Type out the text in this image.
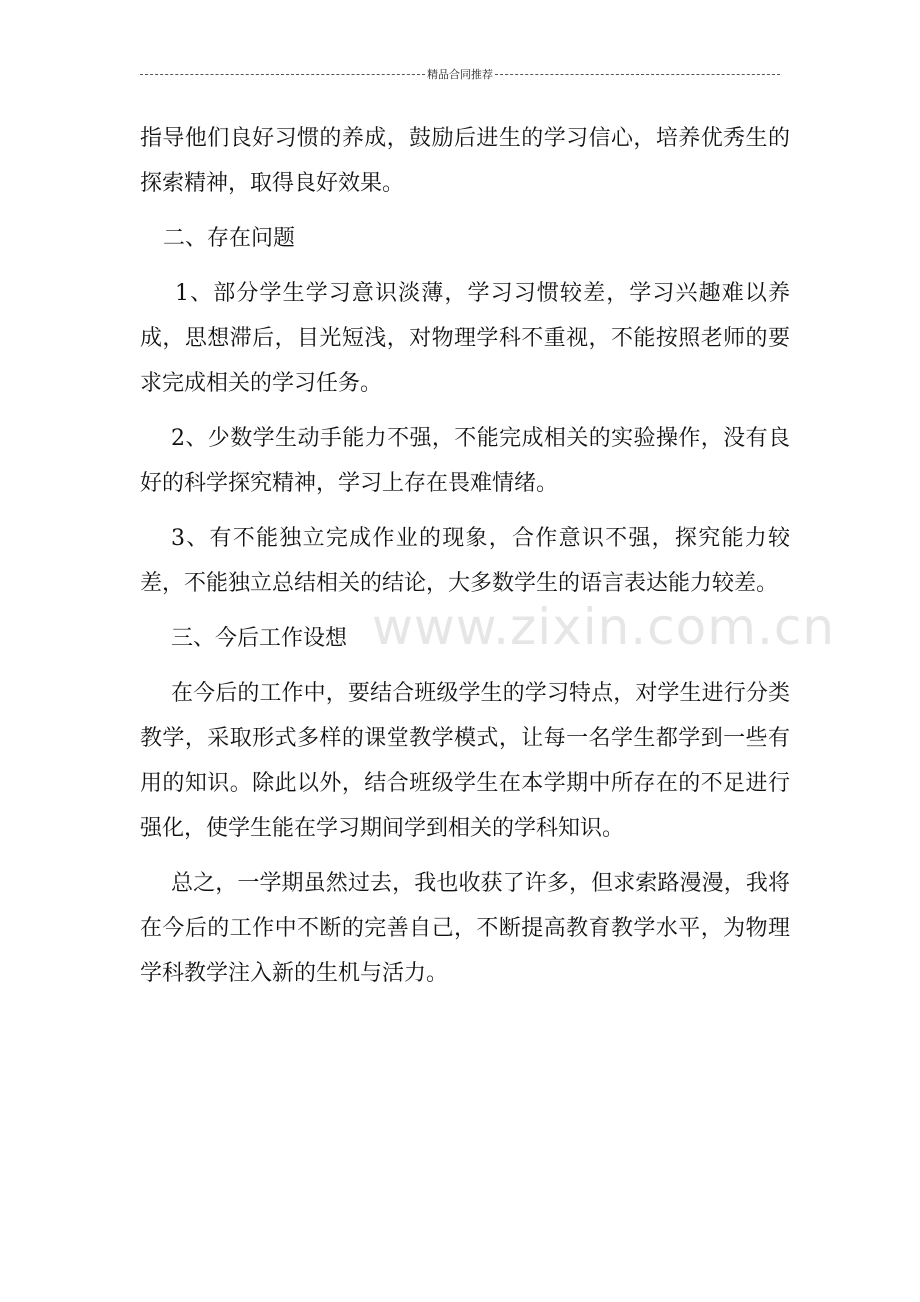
精品合同推荐

指导他们良好习惯的养成，鼓励后进生的学习信心，培养优秀生的探索精神，取得良好效果。

二、存在问题

1、部分学生学习意识淡薄，学习习惯较差，学习兴趣难以养成，思想滞后，目光短浅，对物理学科不重视，不能按照老师的要求完成相关的学习任务。

2、少数学生动手能力不强，不能完成相关的实验操作，没有良好的科学探究精神，学习上存在畏难情绪。

3、有不能独立完成作业的现象，合作意识不强，探究能力较差，不能独立总结相关的结论，大多数学生的语言表达能力较差。

三、今后工作设想

在今后的工作中，要结合班级学生的学习特点，对学生进行分类教学，采取形式多样的课堂教学模式，让每一名学生都学到一些有用的知识。除此以外，结合班级学生在本学期中所存在的不足进行强化，使学生能在学习期间学到相关的学科知识。

总之，一学期虽然过去，我也收获了许多，但求索路漫漫，我将在今后的工作中不断的完善自己，不断提高教育教学水平，为物理学科教学注入新的生机与活力。

www.zixin.com.cn
